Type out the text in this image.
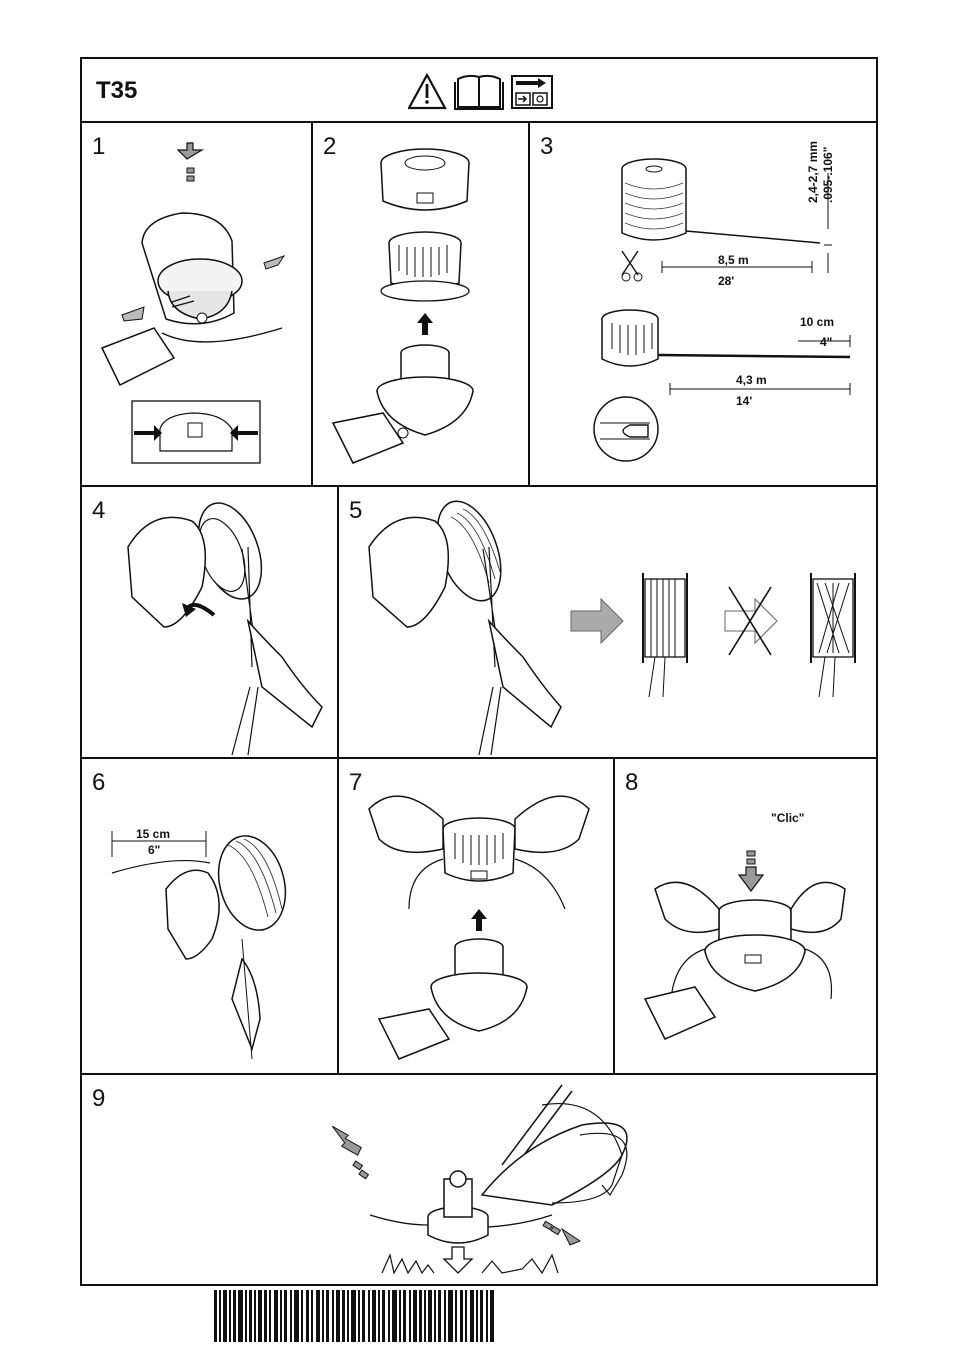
T35
1	2	3	2,4-2,7 mm .095-.106"
8,5 m
28'
10 cm
4"
4,3 m
14'
4	5
6
15 cm
6"
7	8
"Clic"
9
